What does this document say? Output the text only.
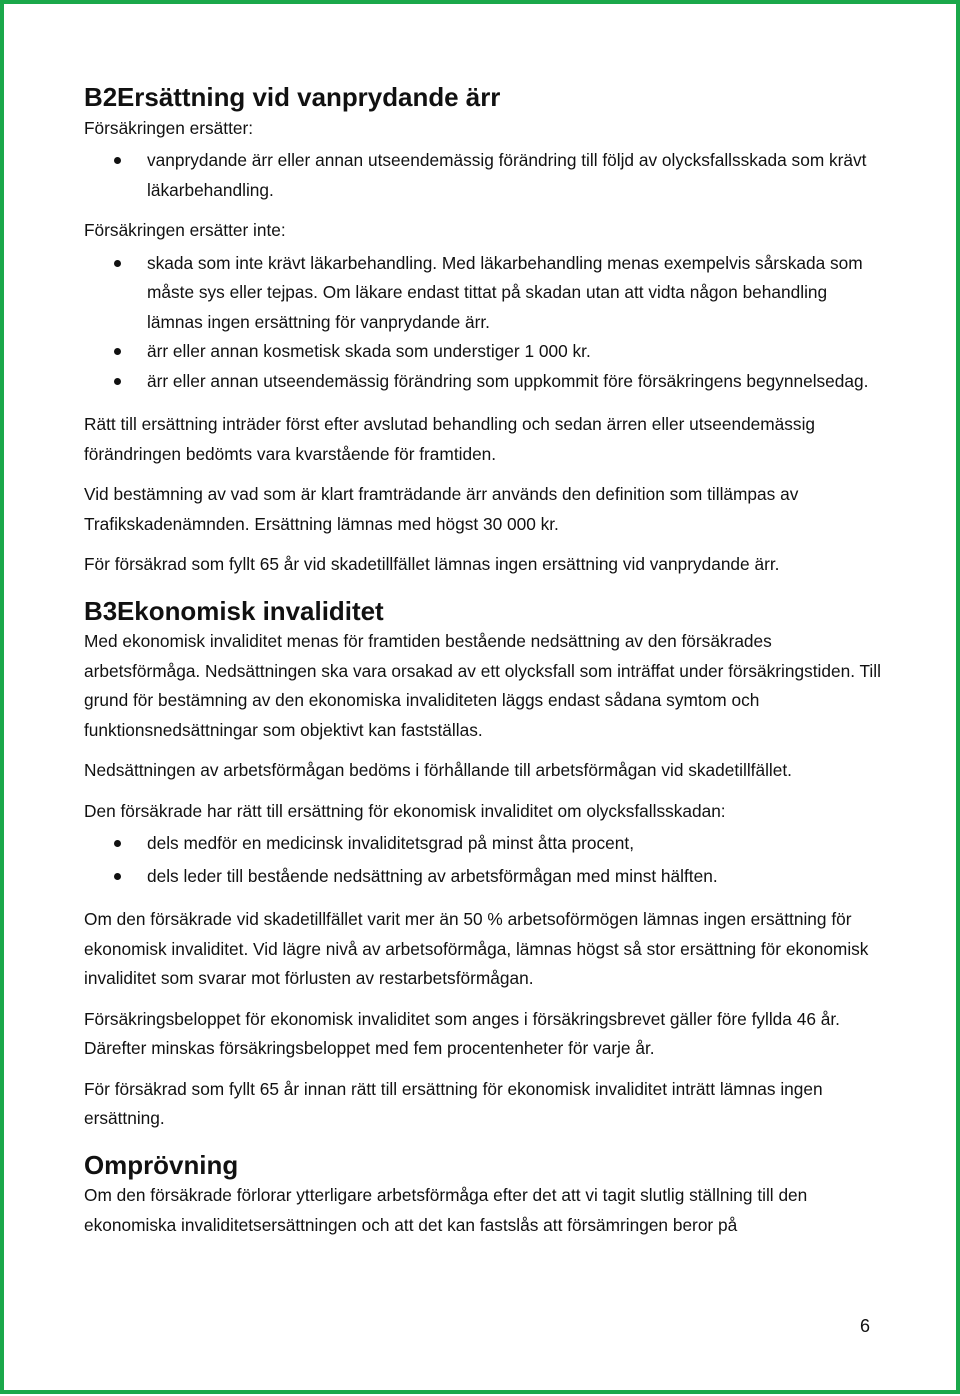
B2Ersättning vid vanprydande ärr

Försäkringen ersätter:

vanprydande ärr eller annan utseendemässig förändring till följd av olycksfallsskada som krävt läkarbehandling.

Försäkringen ersätter inte:

skada som inte krävt läkarbehandling. Med läkarbehandling menas exempelvis sårskada som måste sys eller tejpas. Om läkare endast tittat på skadan utan att vidta någon behandling lämnas ingen ersättning för vanprydande ärr.
ärr eller annan kosmetisk skada som understiger 1 000 kr.
ärr eller annan utseendemässig förändring som uppkommit före försäkringens begynnelsedag.

Rätt till ersättning inträder först efter avslutad behandling och sedan ärren eller utseendemässig förändringen bedömts vara kvarstående för framtiden.

Vid bestämning av vad som är klart framträdande ärr används den definition som tillämpas av Trafikskadenämnden. Ersättning lämnas med högst 30 000 kr.

För försäkrad som fyllt 65 år vid skadetillfället lämnas ingen ersättning vid vanprydande ärr.

B3Ekonomisk invaliditet

Med ekonomisk invaliditet menas för framtiden bestående nedsättning av den försäkrades arbetsförmåga. Nedsättningen ska vara orsakad av ett olycksfall som inträffat under försäkringstiden. Till grund för bestämning av den ekonomiska invaliditeten läggs endast sådana symtom och funktionsnedsättningar som objektivt kan fastställas.

Nedsättningen av arbetsförmågan bedöms i förhållande till arbetsförmågan vid skadetillfället.

Den försäkrade har rätt till ersättning för ekonomisk invaliditet om olycksfallsskadan:

dels medför en medicinsk invaliditetsgrad på minst åtta procent,
dels leder till bestående nedsättning av arbetsförmågan med minst hälften.

Om den försäkrade vid skadetillfället varit mer än 50 % arbetsoförmögen lämnas ingen ersättning för ekonomisk invaliditet. Vid lägre nivå av arbetsoförmåga, lämnas högst så stor ersättning för ekonomisk invaliditet som svarar mot förlusten av restarbetsförmågan.

Försäkringsbeloppet för ekonomisk invaliditet som anges i försäkringsbrevet gäller före fyllda 46 år. Därefter minskas försäkringsbeloppet med fem procentenheter för varje år.

För försäkrad som fyllt 65 år innan rätt till ersättning för ekonomisk invaliditet inträtt lämnas ingen ersättning.

Omprövning

Om den försäkrade förlorar ytterligare arbetsförmåga efter det att vi tagit slutlig ställning till den ekonomiska invaliditetsersättningen och att det kan fastslås att försämringen beror på

6
